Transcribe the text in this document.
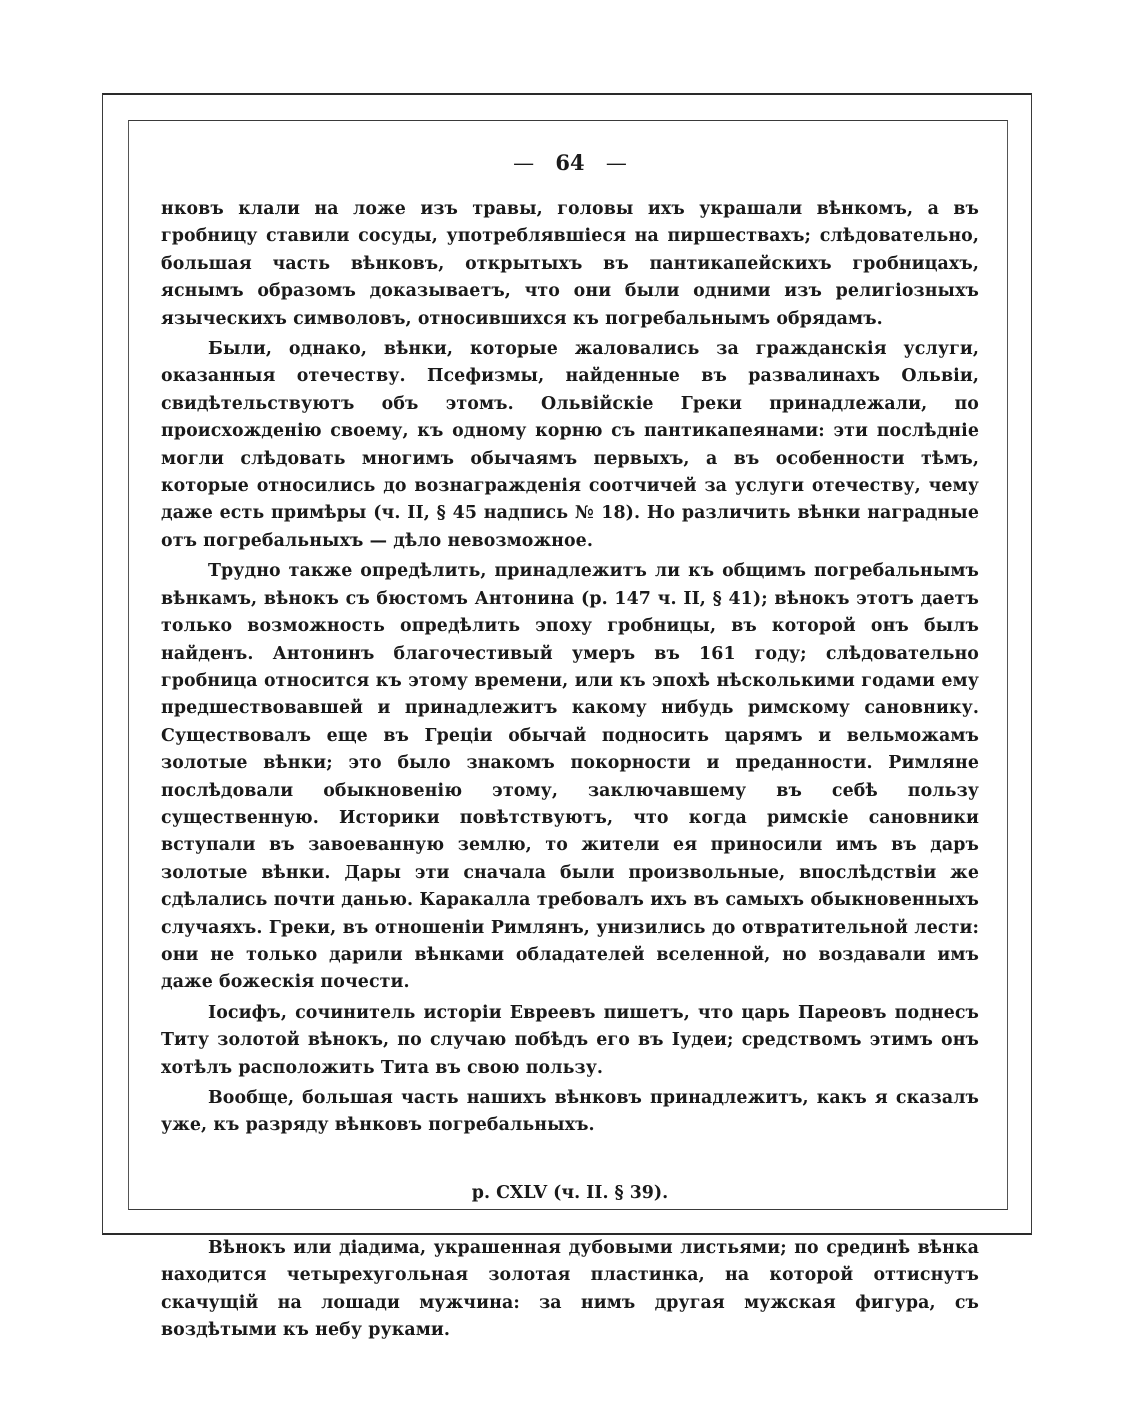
— 64 —

нковъ клали на ложе изъ травы, головы ихъ украшали вѣнкомъ, а въ гробницу ставили сосуды, употреблявшіеся на пиршествахъ; слѣдовательно, большая часть вѣнковъ, открытыхъ въ пантикапейскихъ гробницахъ, яснымъ образомъ доказываетъ, что они были одними изъ религіозныхъ языческихъ символовъ, относившихся къ погребальнымъ обрядамъ.

Были, однако, вѣнки, которые жаловались за гражданскія услуги, оказанныя отечеству. Псефизмы, найденные въ развалинахъ Ольвіи, свидѣтельствуютъ объ этомъ. Ольвійскіе Греки принадлежали, по происхожденію своему, къ одному корню съ пантикапеянами: эти послѣдніе могли слѣдовать многимъ обычаямъ первыхъ, а въ особенности тѣмъ, которые относились до вознагражденія соотчичей за услуги отечеству, чему даже есть примѣры (ч. II, § 45 надпись № 18). Но различить вѣнки наградные отъ погребальныхъ — дѣло невозможное.

Трудно также опредѣлить, принадлежитъ ли къ общимъ погребальнымъ вѣнкамъ, вѣнокъ съ бюстомъ Антонина (р. 147 ч. II, § 41); вѣнокъ этотъ даетъ только возможность опредѣлить эпоху гробницы, въ которой онъ былъ найденъ. Антонинъ благочестивый умеръ въ 161 году; слѣдовательно гробница относится къ этому времени, или къ эпохѣ нѣсколькими годами ему предшествовавшей и принадлежитъ какому нибудь римскому сановнику. Существовалъ еще въ Греціи обычай подносить царямъ и вельможамъ золотые вѣнки; это было знакомъ покорности и преданности. Римляне послѣдовали обыкновенію этому, заключавшему въ себѣ пользу существенную. Историки повѣтствуютъ, что когда римскіе сановники вступали въ завоеванную землю, то жители ея приносили имъ въ даръ золотые вѣнки. Дары эти сначала были произвольные, впослѣдствіи же сдѣлались почти данью. Каракалла требовалъ ихъ въ самыхъ обыкновенныхъ случаяхъ. Греки, въ отношеніи Римлянъ, унизились до отвратительной лести: они не только дарили вѣнками обладателей вселенной, но воздавали имъ даже божескія почести.

Іосифъ, сочинитель исторіи Евреевъ пишетъ, что царь Пареовъ поднесъ Титу золотой вѣнокъ, по случаю побѣдъ его въ Іудеи; средствомъ этимъ онъ хотѣлъ расположить Тита въ свою пользу.

Вообще, большая часть нашихъ вѣнковъ принадлежитъ, какъ я сказалъ уже, къ разряду вѣнковъ погребальныхъ.

р. CXLV (ч. II. § 39).

Вѣнокъ или діадима, украшенная дубовыми листьями; по срединѣ вѣнка находится четырехугольная золотая пластинка, на которой оттиснутъ скачущій на лошади мужчина: за нимъ другая мужская фигура, съ воздѣтыми къ небу руками.
